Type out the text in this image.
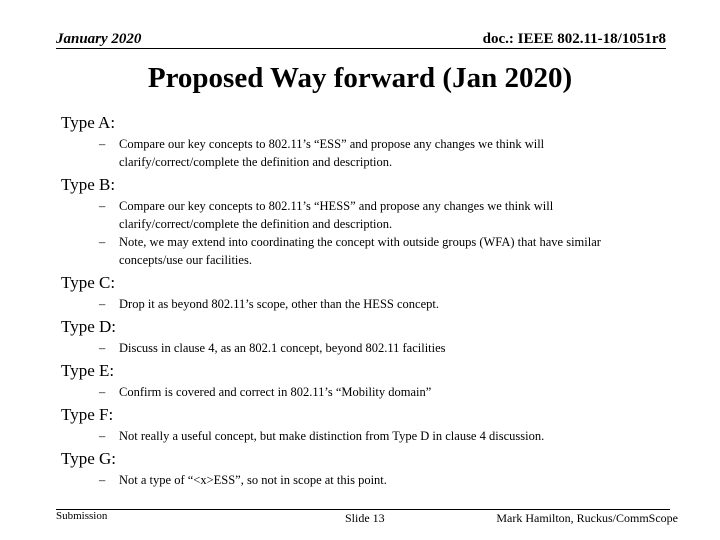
January 2020	doc.: IEEE 802.11-18/1051r8
Proposed Way forward (Jan 2020)
Type A:
– Compare our key concepts to 802.11’s “ESS” and propose any changes we think will clarify/correct/complete the definition and description.
Type B:
– Compare our key concepts to 802.11’s “HESS” and propose any changes we think will clarify/correct/complete the definition and description.
– Note, we may extend into coordinating the concept with outside groups (WFA) that have similar concepts/use our facilities.
Type C:
– Drop it as beyond 802.11’s scope, other than the HESS concept.
Type D:
– Discuss in clause 4, as an 802.1 concept, beyond 802.11 facilities
Type E:
– Confirm is covered and correct in 802.11’s “Mobility domain”
Type F:
– Not really a useful concept, but make distinction from Type D in clause 4 discussion.
Type G:
– Not a type of “<x>ESS”, so not in scope at this point.
Submission	Slide 13	Mark Hamilton, Ruckus/CommScope
